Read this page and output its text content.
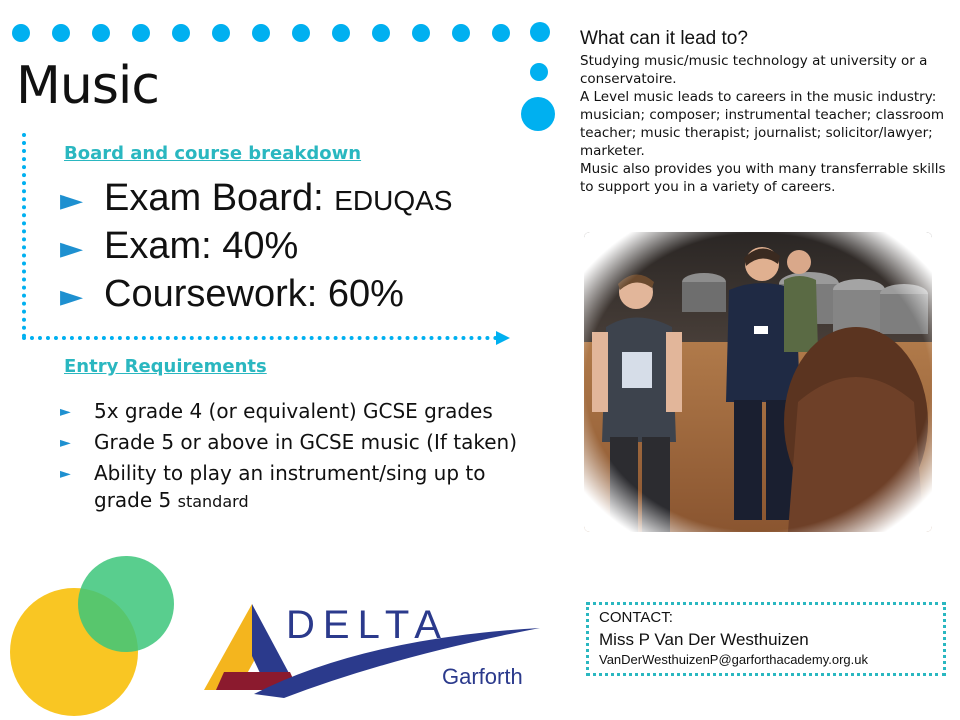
Music
Board and course breakdown
► Exam Board: EDUQAS
► Exam: 40%
► Coursework: 60%
Entry Requirements
►	5x grade 4 (or equivalent) GCSE grades
►	Grade 5 or above in GCSE music (If taken)
►	Ability to play an instrument/sing up to grade 5 standard
What can it lead to?

Studying music/music technology at university or a conservatoire.

A Level music leads to careers in the music industry: musician; composer; instrumental teacher; classroom teacher; music therapist; journalist; solicitor/lawyer; marketer.

Music also provides you with many transferrable skills to support you in a variety of careers.

DELTA
Garforth
CONTACT:
Miss P Van Der Westhuizen
VanDerWesthuizenP@garforthacademy.org.uk
